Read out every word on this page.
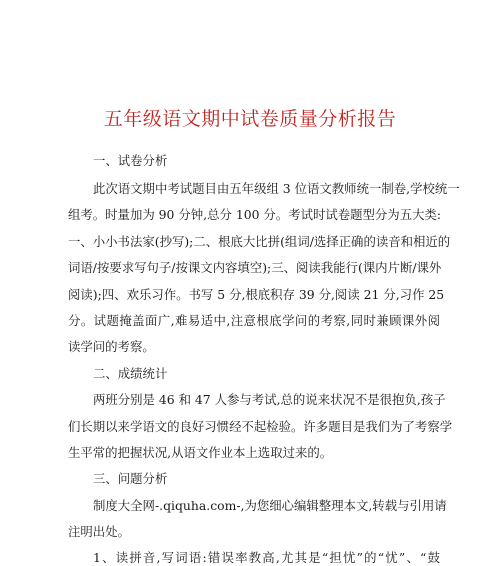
五年级语文期中试卷质量分析报告
一、试卷分析
此次语文期中考试题目由五年级组 3 位语文教师统一制卷,学校统一
组考。时量加为 90 分钟,总分 100 分。考试时试卷题型分为五大类:
一、小小书法家(抄写);二、根底大比拼(组词/选择正确的读音和相近的
词语/按要求写句子/按课文内容填空);三、阅读我能行(课内片断/课外
阅读);四、欢乐习作。书写 5 分,根底积存 39 分,阅读 21 分,习作 25
分。试题掩盖面广,难易适中,注意根底学问的考察,同时兼顾课外阅
读学问的考察。
二、成绩统计
两班分别是 46 和 47 人参与考试,总的说来状况不是很抱负,孩子
们长期以来学语文的良好习惯经不起检验。许多题目是我们为了考察学
生平常的把握状况,从语文作业本上选取过来的。
三、问题分析
制度大全网-.qiquha.com-,为您细心编辑整理本文,转载与引用请
注明出处。
1、读拼音,写词语:错误率教高,尤其是“担忧”的“忧”、“鼓
